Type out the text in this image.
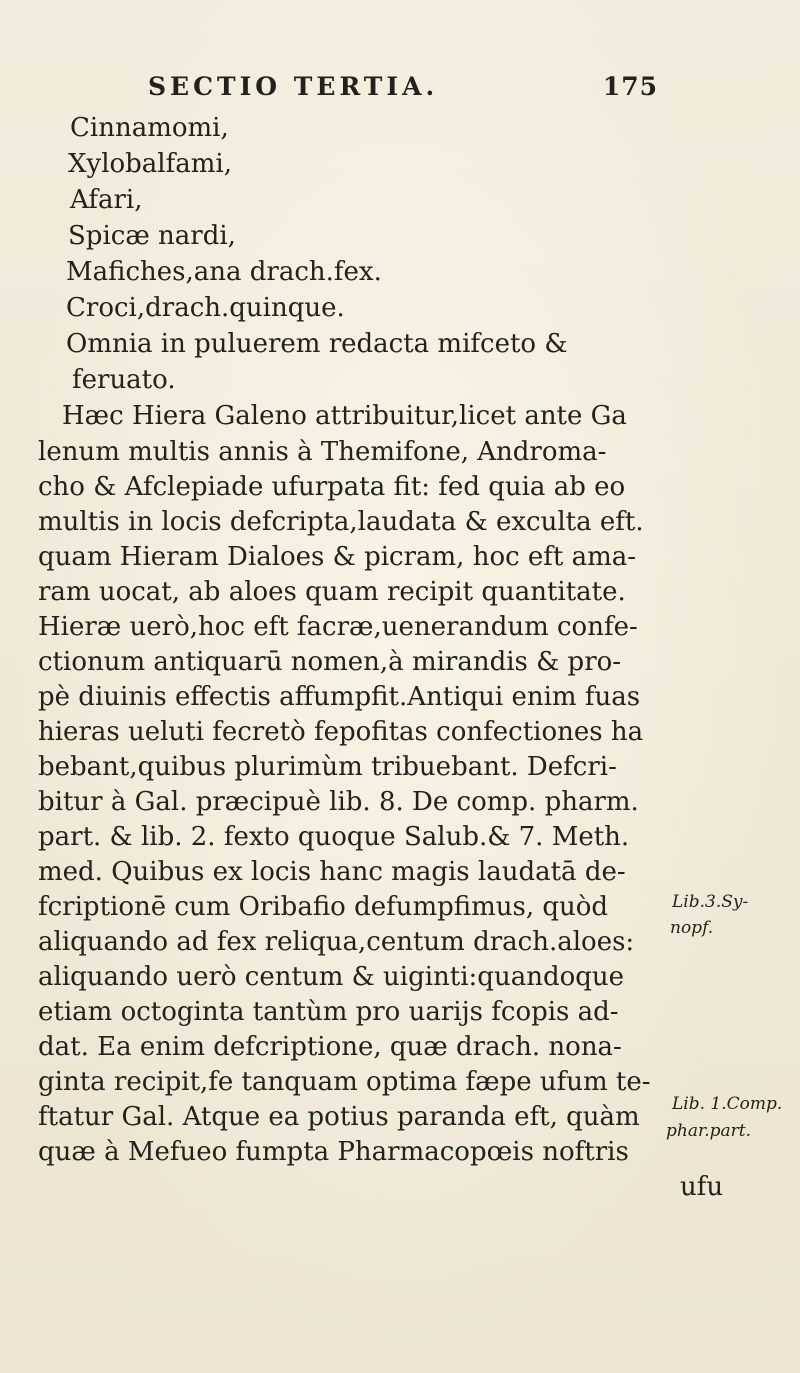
SECTIO TERTIA.	175
Cinnamomi,
Xylobalfami,
Afari,
Spicæ nardi,
Mafiches,ana drach.fex.
Croci,drach.quinque.
Omnia in puluerem redacta mifceto &
feruato.
Hæc Hiera Galeno attribuitur,licet ante Ga
lenum multis annis à Themifone, Androma-
cho & Afclepiade ufurpata fit: fed quia ab eo
multis in locis defcripta,laudata & exculta eft.
quam Hieram Dialoes & picram, hoc eft ama-
ram uocat, ab aloes quam recipit quantitate.
Hieræ uerò,hoc eft facræ,uenerandum confe-
ctionum antiquarū nomen,à mirandis & pro-
pè diuinis effectis affumpfit.Antiqui enim fuas
hieras ueluti fecretò fepofitas confectiones ha
bebant,quibus plurimùm tribuebant. Defcri-
bitur à Gal. præcipuè lib. 8. De comp. pharm.
part. & lib. 2. fexto quoque Salub.& 7. Meth.
med. Quibus ex locis hanc magis laudatā de-
fcriptionē cum Oribafio defumpfimus, quòd
aliquando ad fex reliqua,centum drach.aloes:
aliquando uerò centum & uiginti:quandoque
etiam octoginta tantùm pro uarijs fcopis ad-
dat. Ea enim defcriptione, quæ drach. nona-
ginta recipit,fe tanquam optima fæpe ufum te-
ftatur Gal. Atque ea potius paranda eft, quàm
quæ à Mefueo fumpta Pharmacopœis noftris
Lib.3.Sy-
nopf.
Lib. 1.Comp.
phar.part.
ufu
